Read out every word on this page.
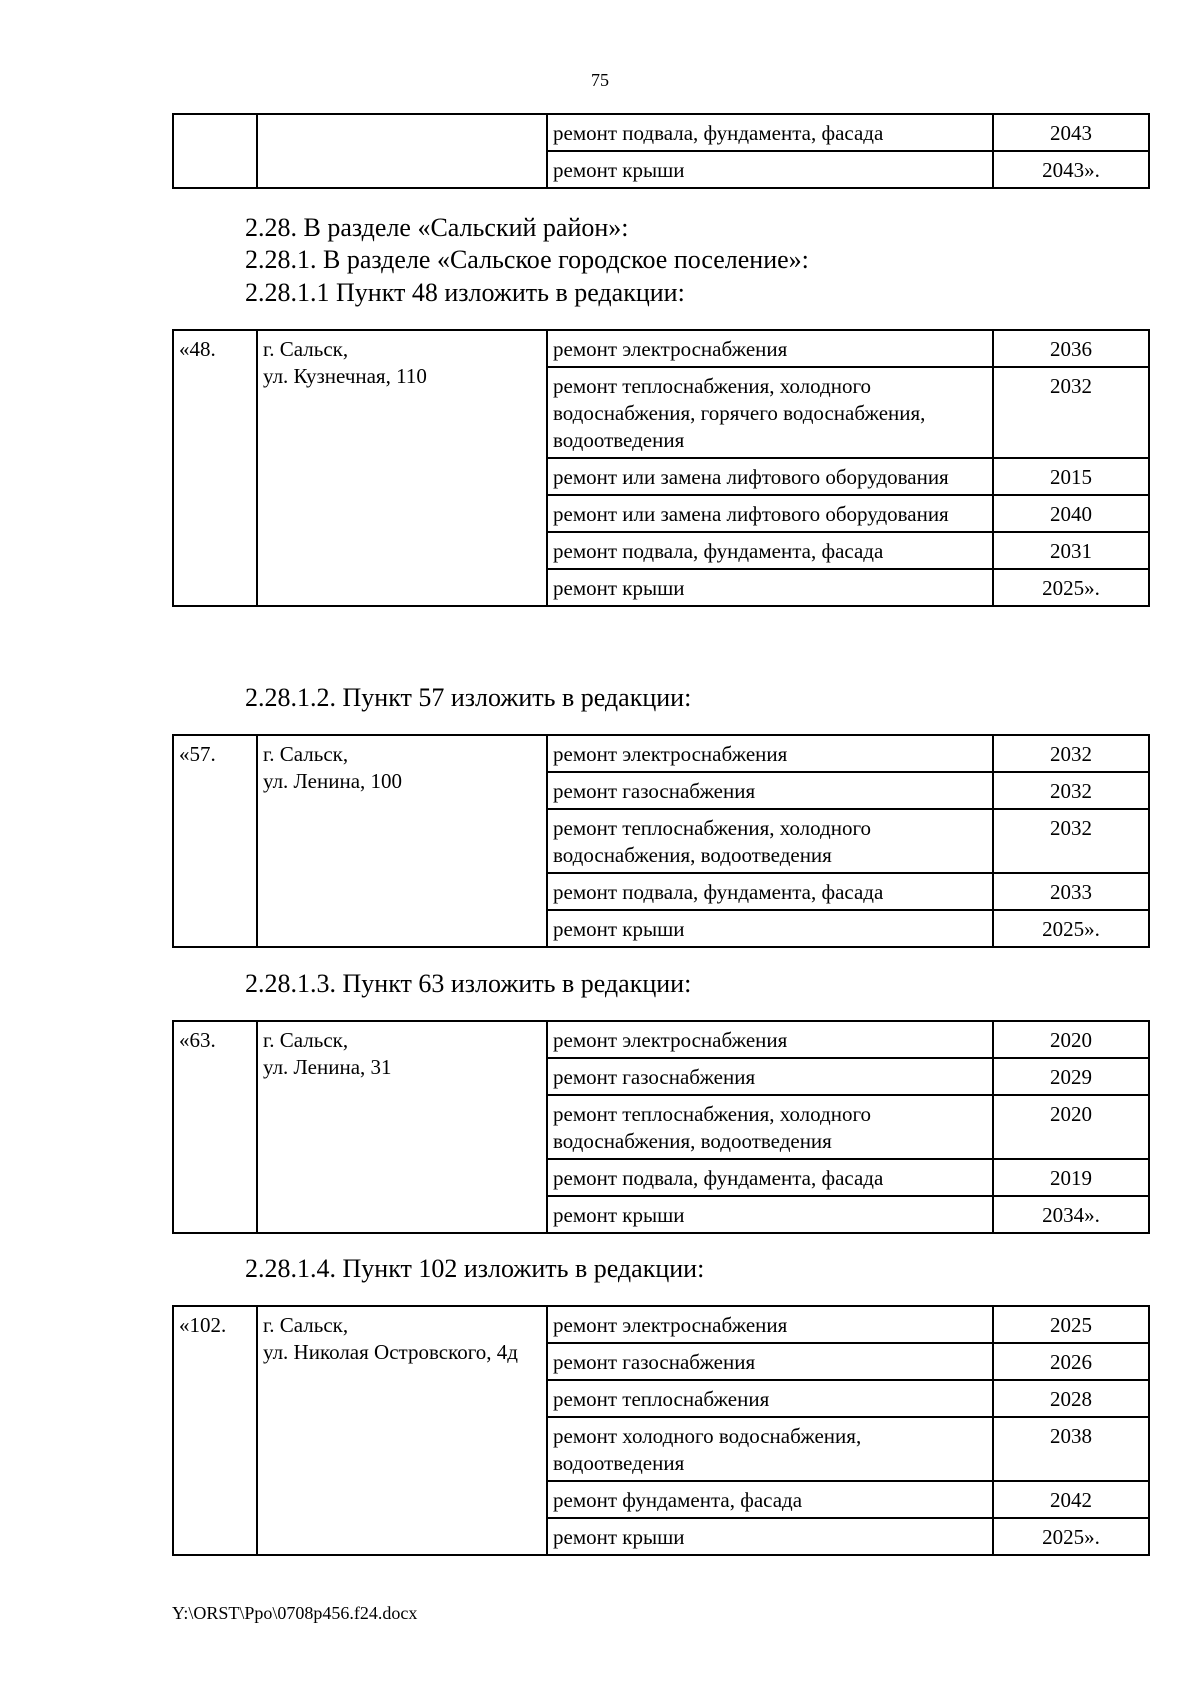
75
		ремонт подвала, фундамента, фасада	2043
		ремонт крыши	2043».
2.28. В разделе «Сальский район»:
2.28.1. В разделе «Сальское городское поселение»:
2.28.1.1 Пункт 48 изложить в редакции:
«48.	г. Сальск,
ул. Кузнечная, 110	ремонт электроснабжения	2036
		ремонт теплоснабжения, холодного водоснабжения, горячего водоснабжения, водоотведения	2032
		ремонт или замена лифтового оборудования	2015
		ремонт или замена лифтового оборудования	2040
		ремонт подвала, фундамента, фасада	2031
		ремонт крыши	2025».
2.28.1.2. Пункт 57 изложить в редакции:
«57.	г. Сальск,
ул. Ленина, 100	ремонт электроснабжения	2032
		ремонт газоснабжения	2032
		ремонт теплоснабжения, холодного водоснабжения, водоотведения	2032
		ремонт подвала, фундамента, фасада	2033
		ремонт крыши	2025».
2.28.1.3. Пункт 63 изложить в редакции:
«63.	г. Сальск,
ул. Ленина, 31	ремонт электроснабжения	2020
		ремонт газоснабжения	2029
		ремонт теплоснабжения, холодного водоснабжения, водоотведения	2020
		ремонт подвала, фундамента, фасада	2019
		ремонт крыши	2034».
2.28.1.4. Пункт 102 изложить в редакции:
«102.	г. Сальск,
ул. Николая Островского, 4д	ремонт электроснабжения	2025
		ремонт газоснабжения	2026
		ремонт теплоснабжения	2028
		ремонт холодного водоснабжения, водоотведения	2038
		ремонт фундамента, фасада	2042
		ремонт крыши	2025».
Y:\ORST\Ppo\0708p456.f24.docx
